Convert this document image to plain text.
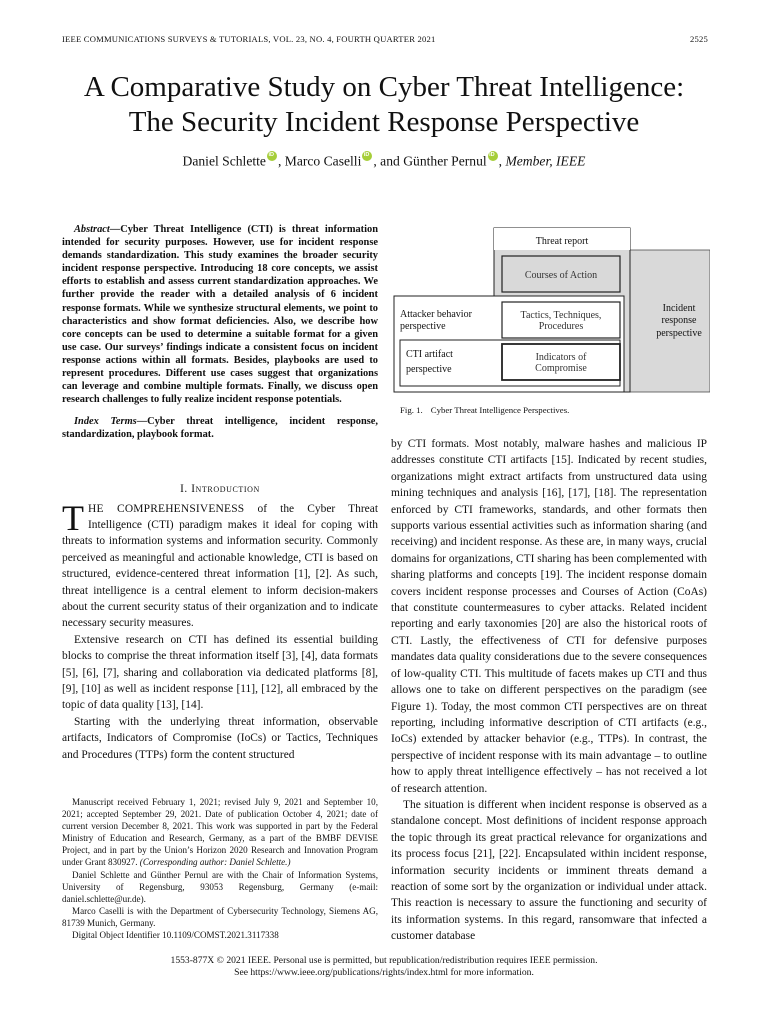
IEEE COMMUNICATIONS SURVEYS & TUTORIALS, VOL. 23, NO. 4, FOURTH QUARTER 2021	2525
A Comparative Study on Cyber Threat Intelligence:
The Security Incident Response Perspective
Daniel Schlette iD , Marco Caselli iD , and Günther Pernul iD , Member, IEEE

Abstract—Cyber Threat Intelligence (CTI) is threat information intended for security purposes. However, use for incident response demands standardization. This study examines the broader security incident response perspective. Introducing 18 core concepts, we assist efforts to establish and assess current standardization approaches. We further provide the reader with a detailed analysis of 6 incident response formats. While we synthesize structural elements, we point to characteristics and show format deficiencies. Also, we describe how core concepts can be used to determine a suitable format for a given use case. Our surveys’ findings indicate a consistent focus on incident response actions within all formats. Besides, playbooks are used to represent procedures. Different use cases suggest that organizations can leverage and combine multiple formats. Finally, we discuss open research challenges to fully realize incident response potentials.

Index Terms—Cyber threat intelligence, incident response, standardization, playbook format.

I. Introduction

THE COMPREHENSIVENESS of the Cyber Threat Intelligence (CTI) paradigm makes it ideal for coping with threats to information systems and information security. Commonly perceived as meaningful and actionable knowledge, CTI is based on structured, evidence-centered threat information [1], [2]. As such, threat intelligence is a central element to inform decision-makers about the current security status of their organization and to indicate necessary security measures.

Extensive research on CTI has defined its essential building blocks to comprise the threat information itself [3], [4], data formats [5], [6], [7], sharing and collaboration via dedicated platforms [8], [9], [10] as well as incident response [11], [12], all embraced by the topic of data quality [13], [14].

Starting with the underlying threat information, observable artifacts, Indicators of Compromise (IoCs) or Tactics, Techniques and Procedures (TTPs) form the content structured

Manuscript received February 1, 2021; revised July 9, 2021 and September 10, 2021; accepted September 29, 2021. Date of publication October 4, 2021; date of current version December 8, 2021. This work was supported in part by the Federal Ministry of Education and Research, Germany, as a part of the BMBF DEVISE Project, and in part by the Union’s Horizon 2020 Research and Innovation Program under Grant 830927. (Corresponding author: Daniel Schlette.)

Daniel Schlette and Günther Pernul are with the Chair of Information Systems, University of Regensburg, 93053 Regensburg, Germany (e-mail: daniel.schlette@ur.de).

Marco Caselli is with the Department of Cybersecurity Technology, Siemens AG, 81739 Munich, Germany.

Digital Object Identifier 10.1109/COMST.2021.3117338

Threat report
Courses of Action
Tactics, Techniques,
Procedures
Indicators of
Compromise
Attacker behavior
perspective
CTI artifact
perspective
Incident
response
perspective
Fig. 1. Cyber Threat Intelligence Perspectives.

by CTI formats. Most notably, malware hashes and malicious IP addresses constitute CTI artifacts [15]. Indicated by recent studies, organizations might extract artifacts from unstructured data using mining techniques and analysis [16], [17], [18]. The representation enforced by CTI frameworks, standards, and other formats then supports various essential activities such as information sharing (and receiving) and incident response. As these are, in many ways, crucial domains for organizations, CTI sharing has been complemented with sharing platforms and concepts [19]. The incident response domain covers incident response processes and Courses of Action (CoAs) that constitute countermeasures to cyber attacks. Related incident reporting and early taxonomies [20] are also the historical roots of CTI. Lastly, the effectiveness of CTI for defensive purposes mandates data quality considerations due to the severe consequences of low-quality CTI. This multitude of facets makes up CTI and thus allows one to take on different perspectives on the paradigm (see Figure 1). Today, the most common CTI perspectives are on threat reporting, including informative description of CTI artifacts (e.g., IoCs) extended by attacker behavior (e.g., TTPs). In contrast, the perspective of incident response with its main advantage – to outline how to apply threat intelligence effectively – has not received a lot of research attention.

The situation is different when incident response is observed as a standalone concept. Most definitions of incident response approach the topic through its great practical relevance for organizations and its process focus [21], [22]. Encapsulated within incident response, information security incidents or imminent threats demand a reaction of some sort by the organization or individual under attack. This reaction is necessary to assure the functioning and security of its information systems. In this regard, ransomware that infected a customer database

1553-877X © 2021 IEEE. Personal use is permitted, but republication/redistribution requires IEEE permission.
See https://www.ieee.org/publications/rights/index.html for more information.
